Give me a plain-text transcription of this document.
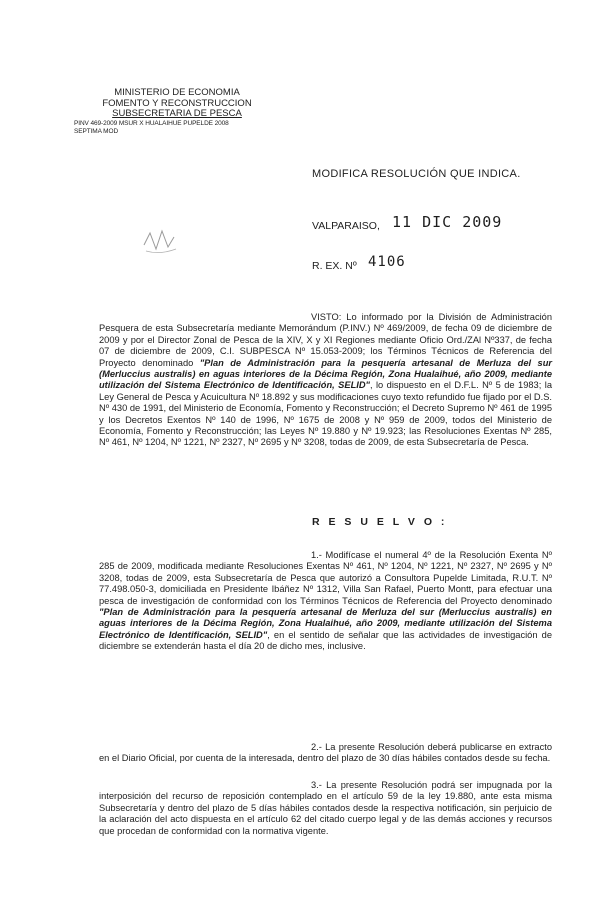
MINISTERIO DE ECONOMIA
FOMENTO Y RECONSTRUCCION
SUBSECRETARIA DE PESCA
PINV 469-2009 MSUR X HUALAIHUE PUPELDE 2008
SEPTIMA MOD
MODIFICA RESOLUCIÓN QUE INDICA.
VALPARAISO, 11 DIC 2009
R. EX. Nº 4106

VISTO: Lo informado por la División de Administración Pesquera de esta Subsecretaría mediante Memorándum (P.INV.) Nº 469/2009, de fecha 09 de diciembre de 2009 y por el Director Zonal de Pesca de la XIV, X y XI Regiones mediante Oficio Ord./ZAl Nº337, de fecha 07 de diciembre de 2009, C.I. SUBPESCA Nº 15.053-2009; los Términos Técnicos de Referencia del Proyecto denominado "Plan de Administración para la pesquería artesanal de Merluza del sur (Merluccius australis) en aguas interiores de la Décima Región, Zona Hualaihué, año 2009, mediante utilización del Sistema Electrónico de Identificación, SELID", lo dispuesto en el D.F.L. Nº 5 de 1983; la Ley General de Pesca y Acuicultura Nº 18.892 y sus modificaciones cuyo texto refundido fue fijado por el D.S. Nº 430 de 1991, del Ministerio de Economía, Fomento y Reconstrucción; el Decreto Supremo Nº 461 de 1995 y los Decretos Exentos Nº 140 de 1996, Nº 1675 de 2008 y Nº 959 de 2009, todos del Ministerio de Economía, Fomento y Reconstrucción; las Leyes Nº 19.880 y Nº 19.923; las Resoluciones Exentas Nº 285, Nº 461, Nº 1204, Nº 1221, Nº 2327, Nº 2695 y Nº 3208, todas de 2009, de esta Subsecretaría de Pesca.

R E S U E L V O :

1.- Modifícase el numeral 4º de la Resolución Exenta Nº 285 de 2009, modificada mediante Resoluciones Exentas Nº 461, Nº 1204, Nº 1221, Nº 2327, Nº 2695 y Nº 3208, todas de 2009, esta Subsecretaría de Pesca que autorizó a Consultora Pupelde Limitada, R.U.T. Nº 77.498.050-3, domiciliada en Presidente Ibáñez Nº 1312, Villa San Rafael, Puerto Montt, para efectuar una pesca de investigación de conformidad con los Términos Técnicos de Referencia del Proyecto denominado "Plan de Administración para la pesquería artesanal de Merluza del sur (Merluccius australis) en aguas interiores de la Décima Región, Zona Hualaihué, año 2009, mediante utilización del Sistema Electrónico de Identificación, SELID", en el sentido de señalar que las actividades de investigación de diciembre se extenderán hasta el día 20 de dicho mes, inclusive.

2.- La presente Resolución deberá publicarse en extracto en el Diario Oficial, por cuenta de la interesada, dentro del plazo de 30 días hábiles contados desde su fecha.

3.- La presente Resolución podrá ser impugnada por la interposición del recurso de reposición contemplado en el artículo 59 de la ley 19.880, ante esta misma Subsecretaría y dentro del plazo de 5 días hábiles contados desde la respectiva notificación, sin perjuicio de la aclaración del acto dispuesta en el artículo 62 del citado cuerpo legal y de las demás acciones y recursos que procedan de conformidad con la normativa vigente.
